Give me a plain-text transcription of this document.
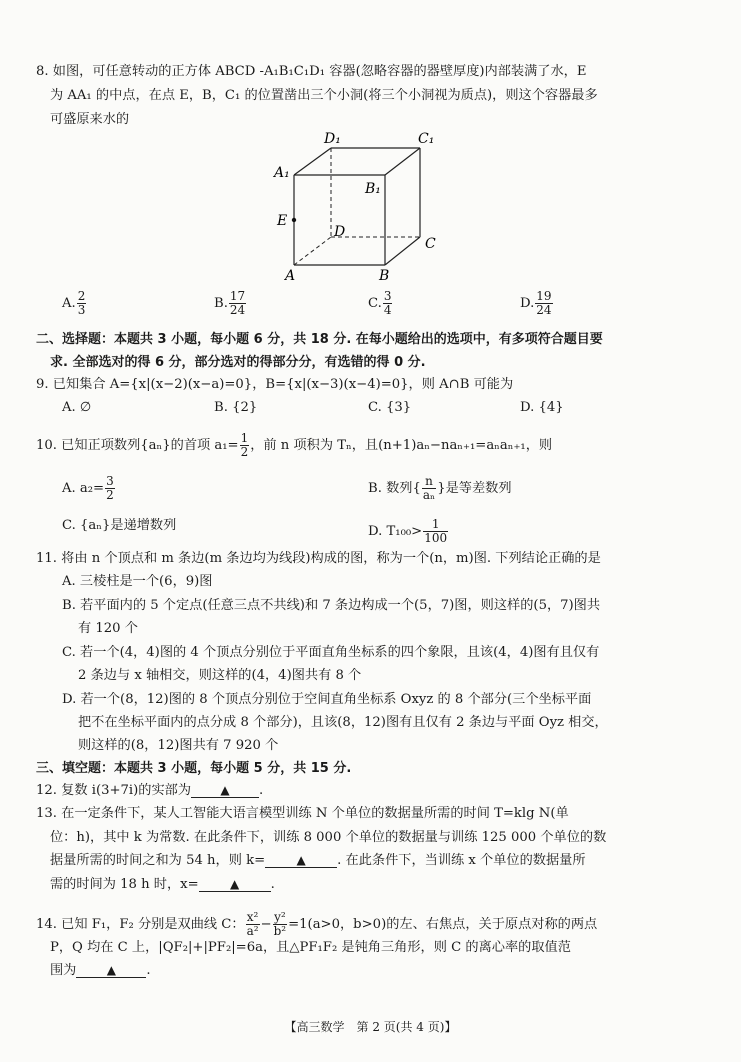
8. 如图，可任意转动的正方体 ABCD -A₁B₁C₁D₁ 容器(忽略容器的器壁厚度)内部装满了水，E
为 AA₁ 的中点，在点 E，B，C₁ 的位置凿出三个小洞(将三个小洞视为质点)，则这个容器最多
可盛原来水的
D₁	C₁
A₁
B₁
E
D
C
A	B
A. $\frac{2}{3}$	B. $\frac{17}{24}$	C. $\frac{3}{4}$	D. $\frac{19}{24}$
二、选择题：本题共 3 小题，每小题 6 分，共 18 分. 在每小题给出的选项中，有多项符合题目要
求. 全部选对的得 6 分，部分选对的得部分分，有选错的得 0 分.
9. 已知集合 A={x|(x−2)(x−a)=0}，B={x|(x−3)(x−4)=0}，则 A∩B 可能为
A. ∅	B. {2}	C. {3}	D. {4}
10. 已知正项数列{aₙ}的首项 $a_1= \frac{1}{2}$ ，前 n 项积为 Tₙ，且(n+1)aₙ−naₙ₊₁=aₙaₙ₊₁，则
A. $a_2= \frac{3}{2}$	B. 数列{ $\frac{n}{\text{aₙ}}$ }是等差数列
C. {aₙ}是递增数列	D. $T_{100}> \frac{1}{100}$
11. 将由 n 个顶点和 m 条边(m 条边均为线段)构成的图，称为一个(n，m)图. 下列结论正确的是
A. 三棱柱是一个(6，9)图
B. 若平面内的 5 个定点(任意三点不共线)和 7 条边构成一个(5，7)图，则这样的(5，7)图共
有 120 个
C. 若一个(4，4)图的 4 个顶点分别位于平面直角坐标系的四个象限，且该(4，4)图有且仅有
2 条边与 x 轴相交，则这样的(4，4)图共有 8 个
D. 若一个(8，12)图的 8 个顶点分别位于空间直角坐标系 Oxyz 的 8 个部分(三个坐标平面
把不在坐标平面内的点分成 8 个部分)，且该(8，12)图有且仅有 2 条边与平面 Oyz 相交，
则这样的(8，12)图共有 7 920 个
三、填空题：本题共 3 小题，每小题 5 分，共 15 分.
12. 复数 i(3+7i)的实部为 ▲ .
13. 在一定条件下，某人工智能大语言模型训练 N 个单位的数据量所需的时间 T=klg N(单
位：h)，其中 k 为常数. 在此条件下，训练 8 000 个单位的数据量与训练 125 000 个单位的数
据量所需的时间之和为 54 h，则 k=	▲ . 在此条件下，当训练 x 个单位的数据量所
需的时间为 18 h 时，x=	▲ .
14. 已知 F₁，F₂ 分别是双曲线 C： $\frac{\text{x²}}{\text{a²}} - \frac{\text{y²}}{\text{b²}} =1(a>0$，b>0)的左、右焦点，关于原点对称的两点
P，Q 均在 C 上，|QF₂|+|PF₂|=6a，且△PF₁F₂ 是钝角三角形，则 C 的离心率的取值范
围为	▲ .
【高三数学　第 2 页(共 4 页)】
